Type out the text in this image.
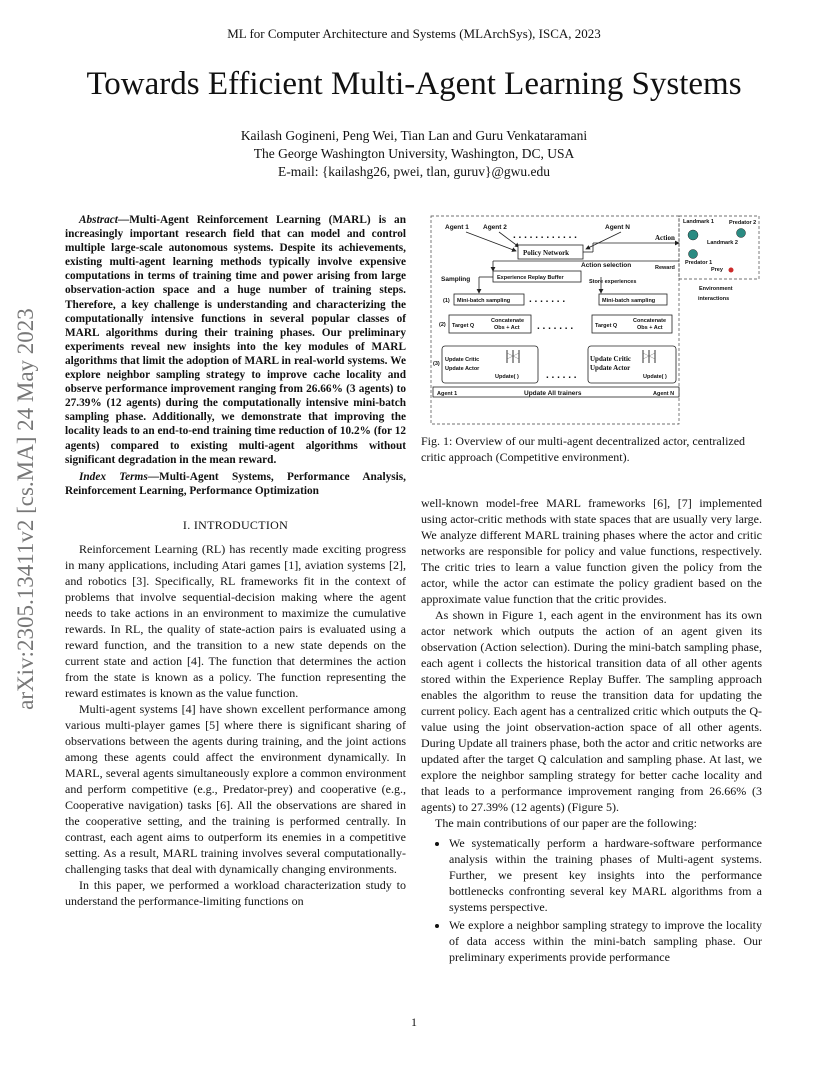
ML for Computer Architecture and Systems (MLArchSys), ISCA, 2023
Towards Efficient Multi-Agent Learning Systems
Kailash Gogineni, Peng Wei, Tian Lan and Guru Venkataramani
The George Washington University, Washington, DC, USA
E-mail: {kailashg26, pwei, tlan, guruv}@gwu.edu
arXiv:2305.13411v2 [cs.MA] 24 May 2023

Abstract—Multi-Agent Reinforcement Learning (MARL) is an increasingly important research field that can model and control multiple large-scale autonomous systems. Despite its achievements, existing multi-agent learning methods typically involve expensive computations in terms of training time and power arising from large observation-action space and a huge number of training steps. Therefore, a key challenge is understanding and characterizing the computationally intensive functions in several popular classes of MARL algorithms during their training phases. Our preliminary experiments reveal new insights into the key modules of MARL algorithms that limit the adoption of MARL in real-world systems. We explore neighbor sampling strategy to improve cache locality and observe performance improvement ranging from 26.66% (3 agents) to 27.39% (12 agents) during the computationally intensive mini-batch sampling phase. Additionally, we demonstrate that improving the locality leads to an end-to-end training time reduction of 10.2% (for 12 agents) compared to existing multi-agent algorithms without significant degradation in the mean reward.

Index Terms—Multi-Agent Systems, Performance Analysis, Reinforcement Learning, Performance Optimization

I. INTRODUCTION

Reinforcement Learning (RL) has recently made exciting progress in many applications, including Atari games [1], aviation systems [2], and robotics [3]. Specifically, RL frameworks fit in the context of problems that involve sequential-decision making where the agent needs to take actions in an environment to maximize the cumulative rewards. In RL, the quality of state-action pairs is evaluated using a reward function, and the transition to a new state depends on the current state and action [4]. The function that determines the action from the state is known as a policy. The function representing the reward estimates is known as the value function.

Multi-agent systems [4] have shown excellent performance among various multi-player games [5] where there is significant sharing of observations between the agents during training, and the joint actions among these agents could affect the environment dynamically. In MARL, several agents simultaneously explore a common environment and perform competitive (e.g., Predator-prey) and cooperative (e.g., Cooperative navigation) tasks [6]. All the observations are shared in the cooperative setting, and the training is performed centrally. In contrast, each agent aims to outperform its enemies in a competitive setting. As a result, MARL training involves several computationally-challenging tasks that deal with dynamically changing environments.

In this paper, we performed a workload characterization study to understand the performance-limiting functions on

Agent 1 Agent 2	Agent N
. . . . . . . . . . . .
Policy Network
Action
Action selection	Reward
Sampling	Experience Replay Buffer
Store experiences
(1) Mini-batch sampling . . . . . . .	Mini-batch sampling
(2) Target Q
Concatenate
Obs + Act . . . . . . .	Target Q
Concatenate
Obs + Act
(3)
Update Critic
Update Actor
Update( )	. . . . . .
Update Critic
Update Actor
Update( )
Agent 1	Update All trainers	Agent N
Landmark 1	Predator 2
Landmark 2
Predator 1
Prey
Environment
interactions
Fig. 1: Overview of our multi-agent decentralized actor, centralized critic approach (Competitive environment).

well-known model-free MARL frameworks [6], [7] implemented using actor-critic methods with state spaces that are usually very large. We analyze different MARL training phases where the actor and critic networks are responsible for policy and value functions, respectively. The critic tries to learn a value function given the policy from the actor, while the actor can estimate the policy gradient based on the approximate value function that the critic provides.

As shown in Figure 1, each agent in the environment has its own actor network which outputs the action of an agent given its observation (Action selection). During the mini-batch sampling phase, each agent i collects the historical transition data of all other agents stored within the Experience Replay Buffer. The sampling approach enables the algorithm to reuse the transition data for updating the current policy. Each agent has a centralized critic which outputs the Q-value using the joint observation-action space of all other agents. During Update all trainers phase, both the actor and critic networks are updated after the target Q calculation and sampling phase. At last, we explore the neighbor sampling strategy for better cache locality and that leads to a performance improvement ranging from 26.66% (3 agents) to 27.39% (12 agents) (Figure 5).

The main contributions of our paper are the following:

• We systematically perform a hardware-software performance analysis within the training phases of Multi-agent systems. Further, we present key insights into the performance bottlenecks confronting several key MARL algorithms from a systems perspective.
• We explore a neighbor sampling strategy to improve the locality of data access within the mini-batch sampling phase. Our preliminary experiments provide performance
1
